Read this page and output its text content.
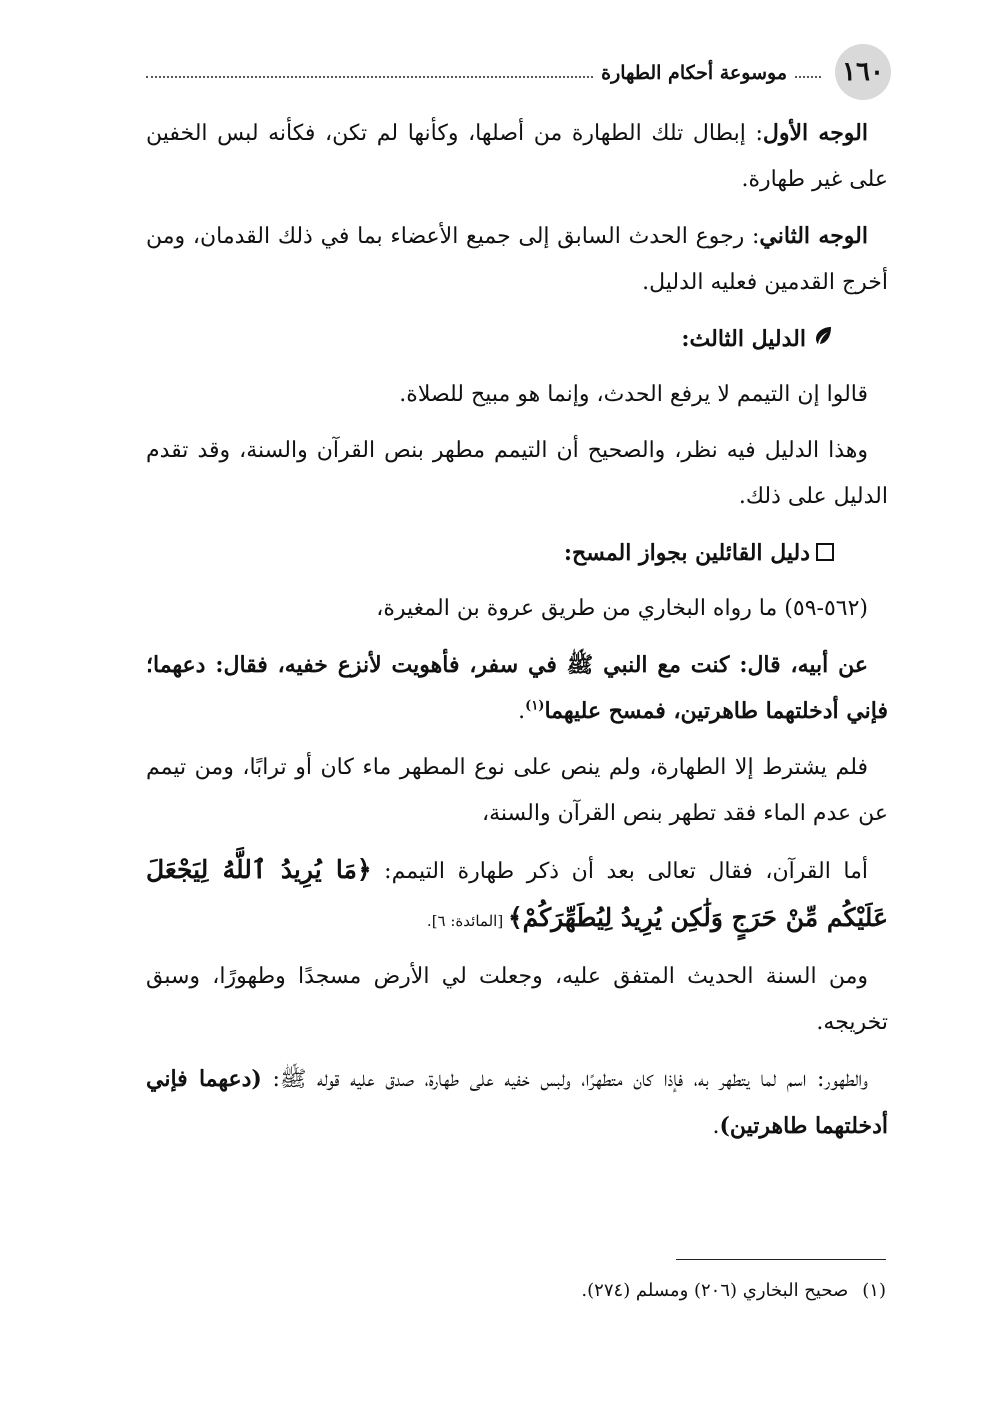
١٦٠
موسوعة أحكام الطهارة

الوجه الأول: إبطال تلك الطهارة من أصلها، وكأنها لم تكن، فكأنه لبس الخفين على غير طهارة.

الوجه الثاني: رجوع الحدث السابق إلى جميع الأعضاء بما في ذلك القدمان، ومن أخرج القدمين فعليه الدليل.

الدليل الثالث:

قالوا إن التيمم لا يرفع الحدث، وإنما هو مبيح للصلاة.

وهذا الدليل فيه نظر، والصحيح أن التيمم مطهر بنص القرآن والسنة، وقد تقدم الدليل على ذلك.

دليل القائلين بجواز المسح:

(٥٦٢-٥٩) ما رواه البخاري من طريق عروة بن المغيرة،

عن أبيه، قال: كنت مع النبي ﷺ في سفر، فأهويت لأنزع خفيه، فقال: دعهما؛ فإني أدخلتهما طاهرتين، فمسح عليهما$^{(١)}$.

فلم يشترط إلا الطهارة، ولم ينص على نوع المطهر ماء كان أو ترابًا، ومن تيمم عن عدم الماء فقد تطهر بنص القرآن والسنة،

أما القرآن، فقال تعالى بعد أن ذكر طهارة التيمم: ﴿مَا يُرِيدُ ٱللَّهُ لِيَجْعَلَ عَلَيْكُم مِّنْ حَرَجٍ وَلَٰكِن يُرِيدُ لِيُطَهِّرَكُمْ﴾ [المائدة: ٦].

ومن السنة الحديث المتفق عليه، وجعلت لي الأرض مسجدًا وطهورًا، وسبق تخريجه.

والطهور: اسم لما يتطهر به، فإذا كان متطهرًا، ولبس خفيه على طهارة، صدق عليه قوله ﷺ: (دعهما فإني أدخلتهما طاهرتين).

(١)صحيح البخاري (٢٠٦) ومسلم (٢٧٤).
